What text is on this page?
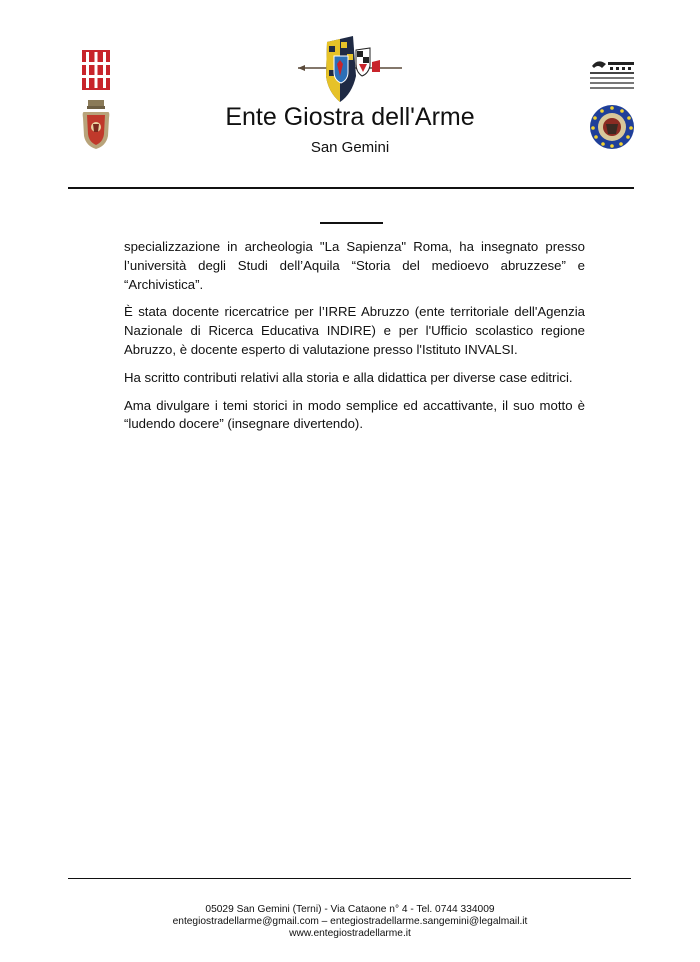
Ente Giostra dell'Arme
San Gemini

specializzazione in archeologia "La Sapienza" Roma, ha insegnato presso l’università degli Studi dell’Aquila “Storia del medioevo abruzzese” e “Archivistica”.

È stata docente ricercatrice per l’IRRE Abruzzo (ente territoriale dell'Agenzia Nazionale di Ricerca Educativa INDIRE) e per l'Ufficio scolastico regione Abruzzo, è docente esperto di valutazione presso l'Istituto INVALSI.

Ha scritto contributi relativi alla storia e alla didattica per diverse case editrici.

Ama divulgare i temi storici in modo semplice ed accattivante, il suo motto è “ludendo docere” (insegnare divertendo).

05029 San Gemini (Terni) - Via Cataone n° 4 - Tel. 0744 334009
entegiostradellarme@gmail.com – entegiostradellarme.sangemini@legalmail.it
www.entegiostradellarme.it
